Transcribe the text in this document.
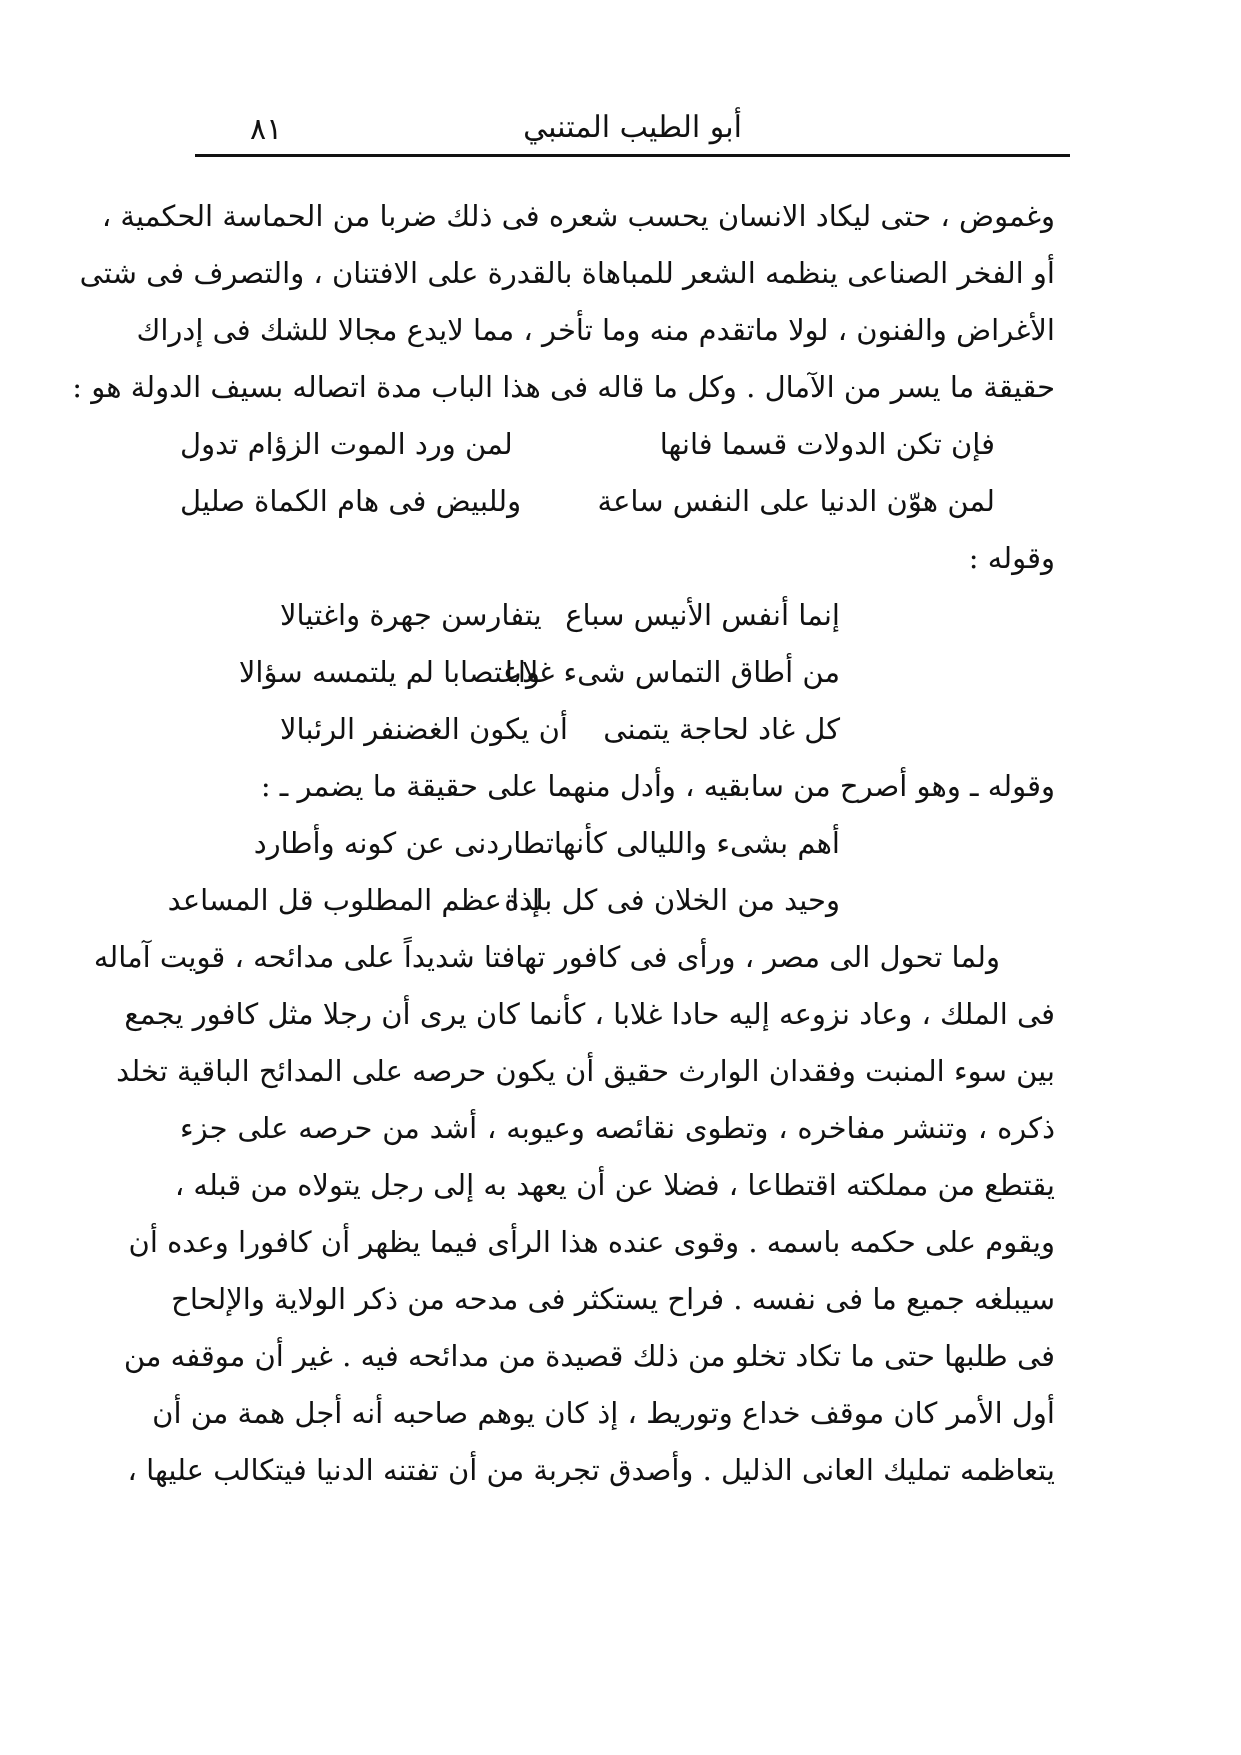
٨١	أبو الطيب المتنبي
وغموض ، حتى ليكاد الانسان يحسب شعره فى ذلك ضربا من الحماسة الحكمية ،
أو الفخر الصناعى ينظمه الشعر للمباهاة بالقدرة على الافتنان ، والتصرف فى شتى
الأغراض والفنون ، لولا ماتقدم منه وما تأخر ، مما لايدع مجالا للشك فى إدراك
حقيقة ما يسر من الآمال . وكل ما قاله فى هذا الباب مدة اتصاله بسيف الدولة هو :
فإن تكن الدولات قسما فانها
لمن ورد الموت الزؤام تدول
لمن هوّن الدنيا على النفس ساعة
وللبيض فى هام الكماة صليل
وقوله :
إنما أنفس الأنيس سباع
يتفارسن جهرة واغتيالا
من أطاق التماس شىء غلابا
واغتصابا لم يلتمسه سؤالا
كل غاد لحاجة يتمنى
أن يكون الغضنفر الرئبالا
وقوله ـ وهو أصرح من سابقيه ، وأدل منهما على حقيقة ما يضمر ـ :
أهم بشىء والليالى كأنها
تطاردنى عن كونه وأطارد
وحيد من الخلان فى كل بلدة
إذا عظم المطلوب قل المساعد
ولما تحول الى مصر ، ورأى فى كافور تهافتا شديداً على مدائحه ، قويت آماله
فى الملك ، وعاد نزوعه إليه حادا غلابا ، كأنما كان يرى أن رجلا مثل كافور يجمع
بين سوء المنبت وفقدان الوارث حقيق أن يكون حرصه على المدائح الباقية تخلد
ذكره ، وتنشر مفاخره ، وتطوى نقائصه وعيوبه ، أشد من حرصه على جزء
يقتطع من مملكته اقتطاعا ، فضلا عن أن يعهد به إلى رجل يتولاه من قبله ،
ويقوم على حكمه باسمه . وقوى عنده هذا الرأى فيما يظهر أن كافورا وعده أن
سيبلغه جميع ما فى نفسه . فراح يستكثر فى مدحه من ذكر الولاية والإلحاح
فى طلبها حتى ما تكاد تخلو من ذلك قصيدة من مدائحه فيه . غير أن موقفه من
أول الأمر كان موقف خداع وتوريط ، إذ كان يوهم صاحبه أنه أجل همة من أن
يتعاظمه تمليك العانى الذليل . وأصدق تجربة من أن تفتنه الدنيا فيتكالب عليها ،
